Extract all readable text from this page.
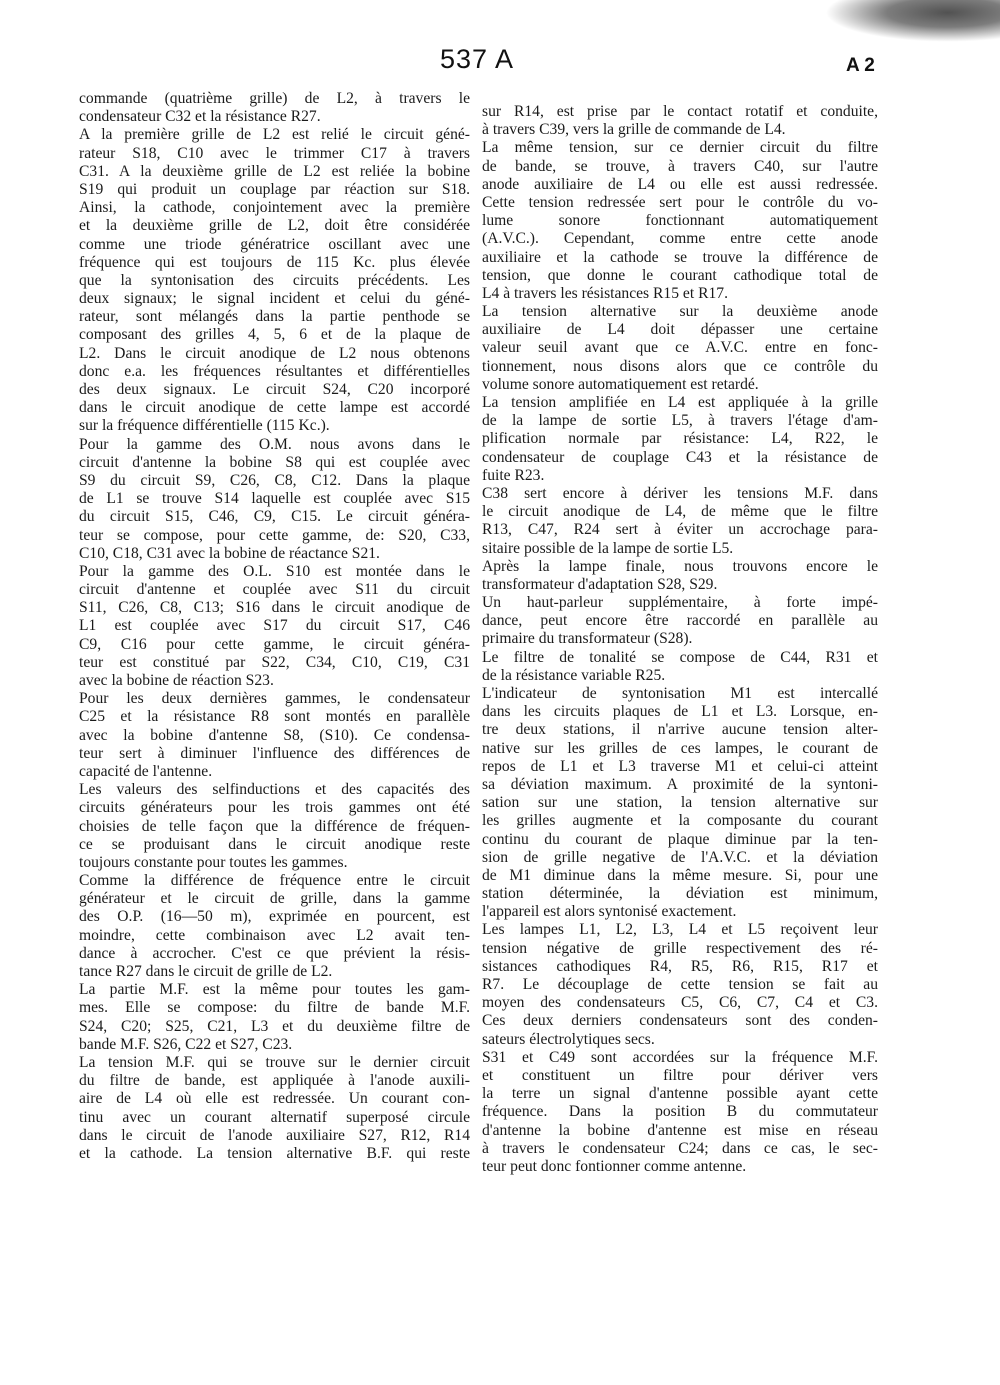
537 A	A 2
commande (quatrième grille) de L2, à travers le
condensateur C32 et la résistance R27.
A la première grille de L2 est relié le circuit géné-
rateur S18, C10 avec le trimmer C17 à travers
C31. A la deuxième grille de L2 est reliée la bobine
S19 qui produit un couplage par réaction sur S18.
Ainsi, la cathode, conjointement avec la première
et la deuxième grille de L2, doit être considérée
comme une triode génératrice oscillant avec une
fréquence qui est toujours de 115 Kc. plus élevée
que la syntonisation des circuits précédents. Les
deux signaux; le signal incident et celui du géné-
rateur, sont mélangés dans la partie penthode se
composant des grilles 4, 5, 6 et de la plaque de
L2. Dans le circuit anodique de L2 nous obtenons
donc e.a. les fréquences résultantes et différentielles
des deux signaux. Le circuit S24, C20 incorporé
dans le circuit anodique de cette lampe est accordé
sur la fréquence différentielle (115 Kc.).
Pour la gamme des O.M. nous avons dans le
circuit d'antenne la bobine S8 qui est couplée avec
S9 du circuit S9, C26, C8, C12. Dans la plaque
de L1 se trouve S14 laquelle est couplée avec S15
du circuit S15, C46, C9, C15. Le circuit généra-
teur se compose, pour cette gamme, de: S20, C33,
C10, C18, C31 avec la bobine de réactance S21.
Pour la gamme des O.L. S10 est montée dans le
circuit d'antenne et couplée avec S11 du circuit
S11, C26, C8, C13; S16 dans le circuit anodique de
L1 est couplée avec S17 du circuit S17, C46
C9, C16 pour cette gamme, le circuit généra-
teur est constitué par S22, C34, C10, C19, C31
avec la bobine de réaction S23.
Pour les deux dernières gammes, le condensateur
C25 et la résistance R8 sont montés en parallèle
avec la bobine d'antenne S8, (S10). Ce condensa-
teur sert à diminuer l'influence des différences de
capacité de l'antenne.
Les valeurs des selfinductions et des capacités des
circuits générateurs pour les trois gammes ont été
choisies de telle façon que la différence de fréquen-
ce se produisant dans le circuit anodique reste
toujours constante pour toutes les gammes.
Comme la différence de fréquence entre le circuit
générateur et le circuit de grille, dans la gamme
des O.P. (16—50 m), exprimée en pourcent, est
moindre, cette combinaison avec L2 avait ten-
dance à accrocher. C'est ce que prévient la résis-
tance R27 dans le circuit de grille de L2.
La partie M.F. est la même pour toutes les gam-
mes. Elle se compose: du filtre de bande M.F.
S24, C20; S25, C21, L3 et du deuxième filtre de
bande M.F. S26, C22 et S27, C23.
La tension M.F. qui se trouve sur le dernier circuit
du filtre de bande, est appliquée à l'anode auxili-
aire de L4 où elle est redressée. Un courant con-
tinu avec un courant alternatif superposé circule
dans le circuit de l'anode auxiliaire S27, R12, R14
et la cathode. La tension alternative B.F. qui reste
sur R14, est prise par le contact rotatif et conduite,
à travers C39, vers la grille de commande de L4.
La même tension, sur ce dernier circuit du filtre
de bande, se trouve, à travers C40, sur l'autre
anode auxiliaire de L4 ou elle est aussi redressée.
Cette tension redressée sert pour le contrôle du vo-
lume sonore fonctionnant automatiquement
(A.V.C.). Cependant, comme entre cette anode
auxiliaire et la cathode se trouve la différence de
tension, que donne le courant cathodique total de
L4 à travers les résistances R15 et R17.
La tension alternative sur la deuxième anode
auxiliaire de L4 doit dépasser une certaine
valeur seuil avant que ce A.V.C. entre en fonc-
tionnement, nous disons alors que ce contrôle du
volume sonore automatiquement est retardé.
La tension amplifiée en L4 est appliquée à la grille
de la lampe de sortie L5, à travers l'étage d'am-
plification normale par résistance: L4, R22, le
condensateur de couplage C43 et la résistance de
fuite R23.
C38 sert encore à dériver les tensions M.F. dans
le circuit anodique de L4, de même que le filtre
R13, C47, R24 sert à éviter un accrochage para-
sitaire possible de la lampe de sortie L5.
Après la lampe finale, nous trouvons encore le
transformateur d'adaptation S28, S29.
Un haut-parleur supplémentaire, à forte impé-
dance, peut encore être raccordé en parallèle au
primaire du transformateur (S28).
Le filtre de tonalité se compose de C44, R31 et
de la résistance variable R25.
L'indicateur de syntonisation M1 est intercallé
dans les circuits plaques de L1 et L3. Lorsque, en-
tre deux stations, il n'arrive aucune tension alter-
native sur les grilles de ces lampes, le courant de
repos de L1 et L3 traverse M1 et celui-ci atteint
sa déviation maximum. A proximité de la syntoni-
sation sur une station, la tension alternative sur
les grilles augmente et la composante du courant
continu du courant de plaque diminue par la ten-
sion de grille negative de l'A.V.C. et la déviation
de M1 diminue dans la même mesure. Si, pour une
station déterminée, la déviation est minimum,
l'appareil est alors syntonisé exactement.
Les lampes L1, L2, L3, L4 et L5 reçoivent leur
tension négative de grille respectivement des ré-
sistances cathodiques R4, R5, R6, R15, R17 et
R7. Le découplage de cette tension se fait au
moyen des condensateurs C5, C6, C7, C4 et C3.
Ces deux derniers condensateurs sont des conden-
sateurs électrolytiques secs.
S31 et C49 sont accordées sur la fréquence M.F.
et constituent un filtre pour dériver vers
la terre un signal d'antenne possible ayant cette
fréquence. Dans la position B du commutateur
d'antenne la bobine d'antenne est mise en réseau
à travers le condensateur C24; dans ce cas, le sec-
teur peut donc fontionner comme antenne.
